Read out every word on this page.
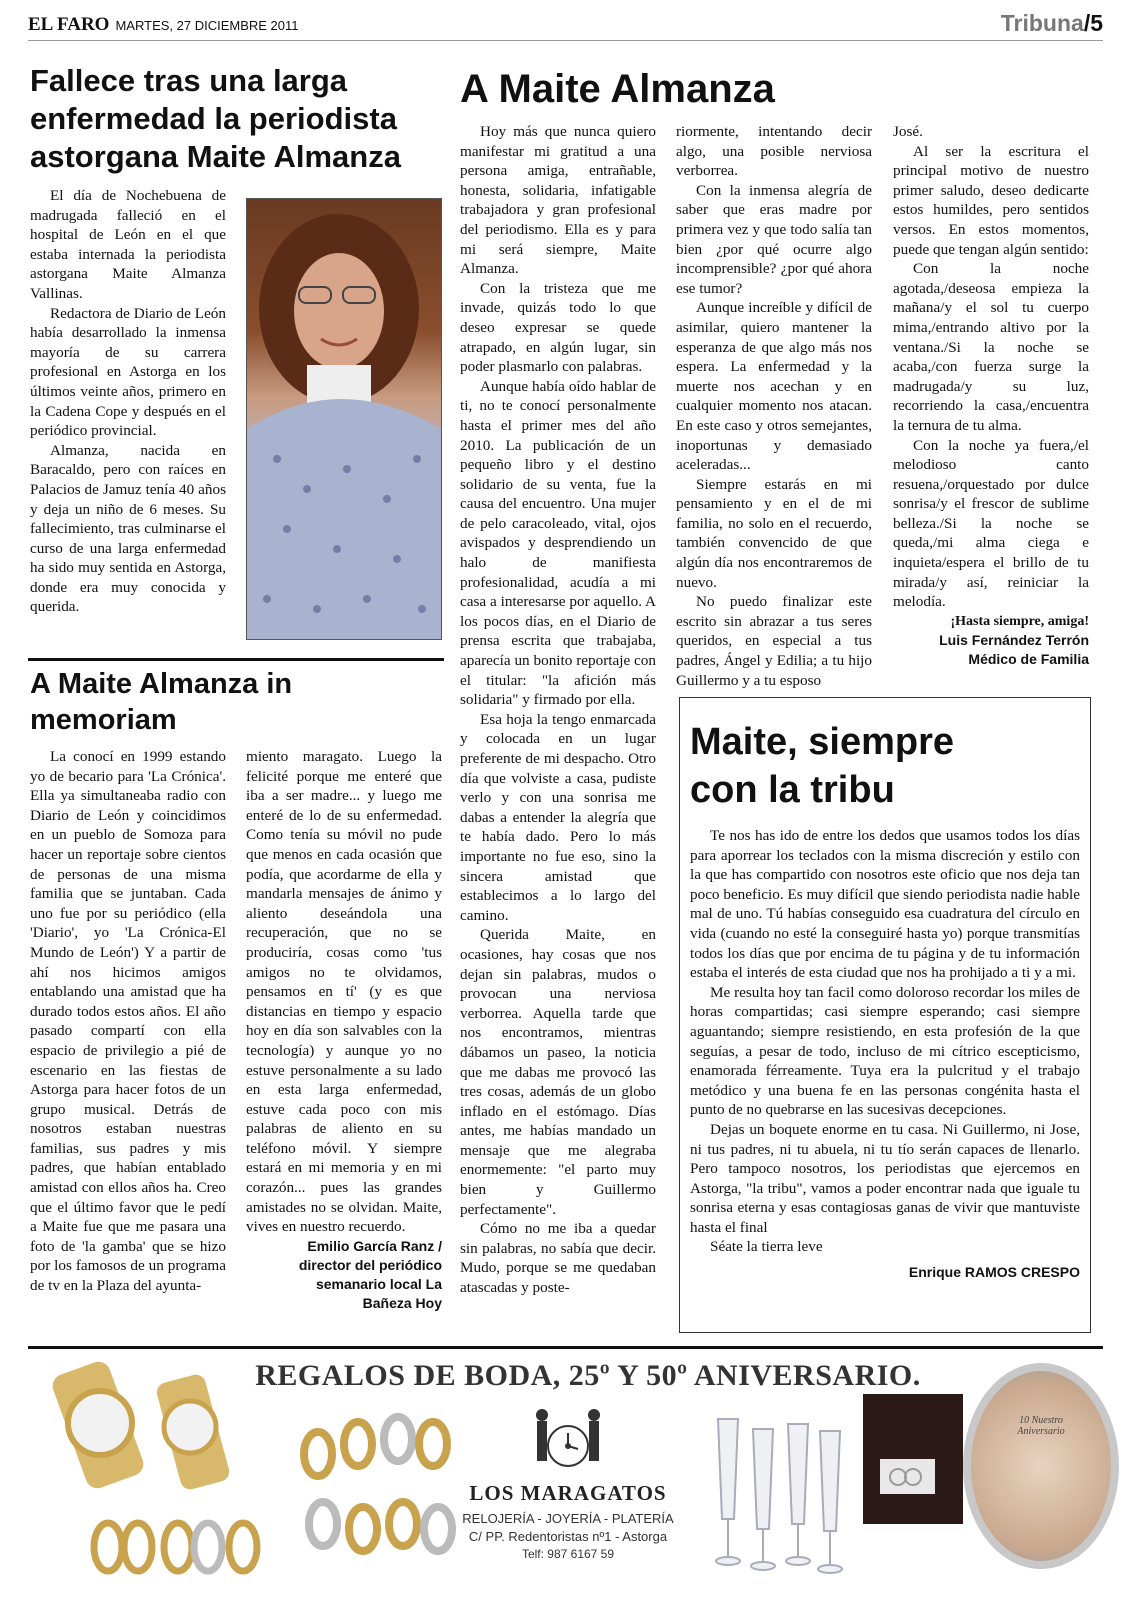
EL FARO MARTES, 27 DICIEMBRE 2011	Tribuna/5
Fallece tras una larga enfermedad la periodista astorgana Maite Almanza

El día de Nochebuena de madrugada falleció en el hospital de León en el que estaba internada la periodista astorgana Maite Almanza Vallinas.

Redactora de Diario de León había desarrollado la inmensa mayoría de su carrera profesional en Astorga en los últimos veinte años, primero en la Cadena Cope y después en el periódico provincial.

Almanza, nacida en Baracaldo, pero con raíces en Palacios de Jamuz tenía 40 años y deja un niño de 6 meses. Su fallecimiento, tras culminarse el curso de una larga enfermedad ha sido muy sentida en Astorga, donde era muy conocida y querida.

A Maite Almanza in memoriam

La conocí en 1999 estando yo de becario para 'La Crónica'. Ella ya simultaneaba radio con Diario de León y coincidimos en un pueblo de Somoza para hacer un reportaje sobre cientos de personas de una misma familia que se juntaban. Cada uno fue por su periódico (ella 'Diario', yo 'La Crónica-El Mundo de León') Y a partir de ahí nos hicimos amigos entablando una amistad que ha durado todos estos años. El año pasado compartí con ella espacio de privilegio a pié de escenario en las fiestas de Astorga para hacer fotos de un grupo musical. Detrás de nosotros estaban nuestras familias, sus padres y mis padres, que habían entablado amistad con ellos años ha. Creo que el último favor que le pedí a Maite fue que me pasara una foto de 'la gamba' que se hizo por los famosos de un programa de tv en la Plaza del ayunta-

miento maragato. Luego la felicité porque me enteré que iba a ser madre... y luego me enteré de lo de su enfermedad. Como tenía su móvil no pude que menos en cada ocasión que podía, que acordarme de ella y mandarla mensajes de ánimo y aliento deseándola una recuperación, que no se produciría, cosas como 'tus amigos no te olvidamos, pensamos en tí' (y es que distancias en tiempo y espacio hoy en día son salvables con la tecnología) y aunque yo no estuve personalmente a su lado en esta larga enfermedad, estuve cada poco con mis palabras de aliento en su teléfono móvil. Y siempre estará en mi memoria y en mi corazón... pues las grandes amistades no se olvidan. Maite, vives en nuestro recuerdo.

Emilio García Ranz /
director del periódico
semanario local La
Bañeza Hoy
A Maite Almanza

Hoy más que nunca quiero manifestar mi gratitud a una persona amiga, entrañable, honesta, solidaria, infatigable trabajadora y gran profesional del periodismo. Ella es y para mi será siempre, Maite Almanza.

Con la tristeza que me invade, quizás todo lo que deseo expresar se quede atrapado, en algún lugar, sin poder plasmarlo con palabras.

Aunque había oído hablar de ti, no te conocí personalmente hasta el primer mes del año 2010. La publicación de un pequeño libro y el destino solidario de su venta, fue la causa del encuentro. Una mujer de pelo caracoleado, vital, ojos avispados y desprendiendo un halo de manifiesta profesionalidad, acudía a mi casa a interesarse por aquello. A los pocos días, en el Diario de prensa escrita que trabajaba, aparecía un bonito reportaje con el titular: "la afición más solidaria" y firmado por ella.

Esa hoja la tengo enmarcada y colocada en un lugar preferente de mi despacho. Otro día que volviste a casa, pudiste verlo y con una sonrisa me dabas a entender la alegría que te había dado. Pero lo más importante no fue eso, sino la sincera amistad que establecimos a lo largo del camino.

Querida Maite, en ocasiones, hay cosas que nos dejan sin palabras, mudos o provocan una nerviosa verborrea. Aquella tarde que nos encontramos, mientras dábamos un paseo, la noticia que me dabas me provocó las tres cosas, además de un globo inflado en el estómago. Días antes, me habías mandado un mensaje que me alegraba enormemente: "el parto muy bien y Guillermo perfectamente".

Cómo no me iba a quedar sin palabras, no sabía que decir. Mudo, porque se me quedaban atascadas y poste-

riormente, intentando decir algo, una posible nerviosa verborrea.

Con la inmensa alegría de saber que eras madre por primera vez y que todo salía tan bien ¿por qué ocurre algo incomprensible? ¿por qué ahora ese tumor?

Aunque increíble y difícil de asimilar, quiero mantener la esperanza de que algo más nos espera. La enfermedad y la muerte nos acechan y en cualquier momento nos atacan. En este caso y otros semejantes, inoportunas y demasiado aceleradas...

Siempre estarás en mi pensamiento y en el de mi familia, no solo en el recuerdo, también convencido de que algún día nos encontraremos de nuevo.

No puedo finalizar este escrito sin abrazar a tus seres queridos, en especial a tus padres, Ángel y Edilia; a tu hijo Guillermo y a tu esposo

José.

Al ser la escritura el principal motivo de nuestro primer saludo, deseo dedicarte estos humildes, pero sentidos versos. En estos momentos, puede que tengan algún sentido:

Con la noche agotada,/deseosa empieza la mañana/y el sol tu cuerpo mima,/entrando altivo por la ventana./Si la noche se acaba,/con fuerza surge la madrugada/y su luz, recorriendo la casa,/encuentra la ternura de tu alma.

Con la noche ya fuera,/el melodioso canto resuena,/orquestado por dulce sonrisa/y el frescor de sublime belleza./Si la noche se queda,/mi alma ciega e inquieta/espera el brillo de tu mirada/y así, reiniciar la melodía.

¡Hasta siempre, amiga!
Luis Fernández Terrón
Médico de Familia
Maite, siempre
con la tribu

Te nos has ido de entre los dedos que usamos todos los días para aporrear los teclados con la misma discreción y estilo con la que has compartido con nosotros este oficio que nos deja tan poco beneficio. Es muy difícil que siendo periodista nadie hable mal de uno. Tú habías conseguido esa cuadratura del círculo en vida (cuando no esté la conseguiré hasta yo) porque transmitías todos los días que por encima de tu página y de tu información estaba el interés de esta ciudad que nos ha prohijado a ti y a mi.

Me resulta hoy tan facil como doloroso recordar los miles de horas compartidas; casi siempre esperando; casi siempre aguantando; siempre resistiendo, en esta profesión de la que seguías, a pesar de todo, incluso de mi cítrico escepticismo, enamorada férreamente. Tuya era la pulcritud y el trabajo metódico y una buena fe en las personas congénita hasta el punto de no quebrarse en las sucesivas decepciones.

Dejas un boquete enorme en tu casa. Ni Guillermo, ni Jose, ni tus padres, ni tu abuela, ni tu tío serán capaces de llenarlo. Pero tampoco nosotros, los periodistas que ejercemos en Astorga, "la tribu", vamos a poder encontrar nada que iguale tu sonrisa eterna y esas contagiosas ganas de vivir que mantuviste hasta el final

Séate la tierra leve

Enrique RAMOS CRESPO
REGALOS DE BODA, 25º Y 50º ANIVERSARIO.
LOS MARAGATOS
RELOJERÍA - JOYERÍA - PLATERÍA
C/ PP. Redentoristas nº1 - Astorga
Telf: 987 6167 59
10 Nuestro Aniversario
